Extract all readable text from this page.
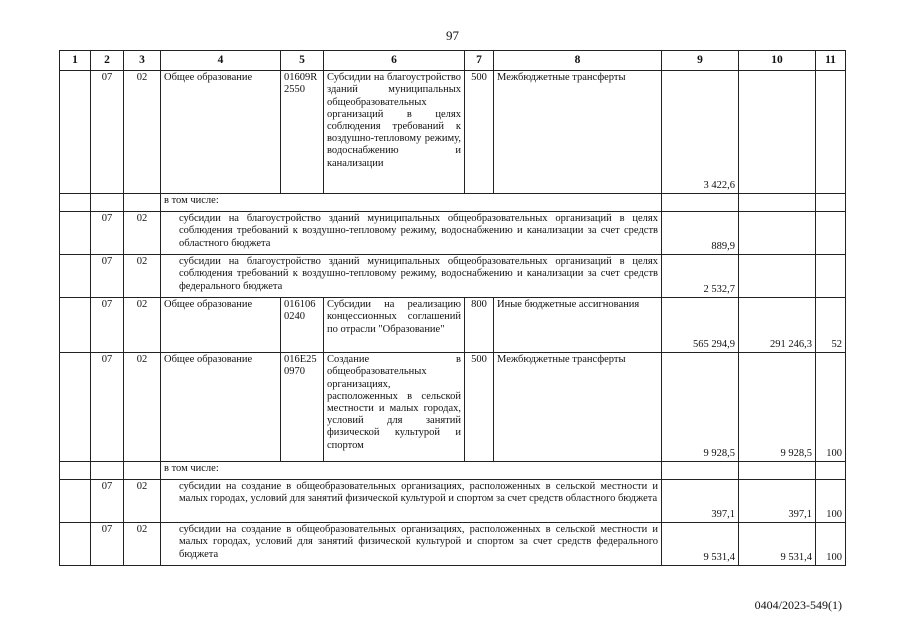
97
1	2	3	4	5	6	7	8	9	10	11
	07	02	Общее образование	01609R 2550	Субсидии на благоустройство зданий муниципальных общеобразовательных организаций в целях соблюдения требований к воздушно-тепловому режиму, водоснабжению и канализации	500	Межбюджетные трансферты	3 422,6		
			в том числе:							
	07	02	субсидии на благоустройство зданий муниципальных общеобразовательных организаций в целях соблюдения требований к воздушно-тепловому режиму, водоснабжению и канализации за счет средств областного бюджета					889,9		
	07	02	субсидии на благоустройство зданий муниципальных общеобразовательных организаций в целях соблюдения требований к воздушно-тепловому режиму, водоснабжению и канализации за счет средств федерального бюджета					2 532,7		
	07	02	Общее образование	016106 0240	Субсидии на реализацию концессионных соглашений по отрасли "Образование"	800	Иные бюджетные ассигнования	565 294,9	291 246,3	52
	07	02	Общее образование	016E25 0970	Создание в общеобразовательных организациях, расположенных в сельской местности и малых городах, условий для занятий физической культурой и спортом	500	Межбюджетные трансферты	9 928,5	9 928,5	100
			в том числе:							
	07	02	субсидии на создание в общеобразовательных организациях, расположенных в сельской местности и малых городах, условий для занятий физической культурой и спортом за счет средств областного бюджета					397,1	397,1	100
	07	02	субсидии на создание в общеобразовательных организациях, расположенных в сельской местности и малых городах, условий для занятий физической культурой и спортом за счет средств федерального бюджета					9 531,4	9 531,4	100
0404/2023-549(1)
